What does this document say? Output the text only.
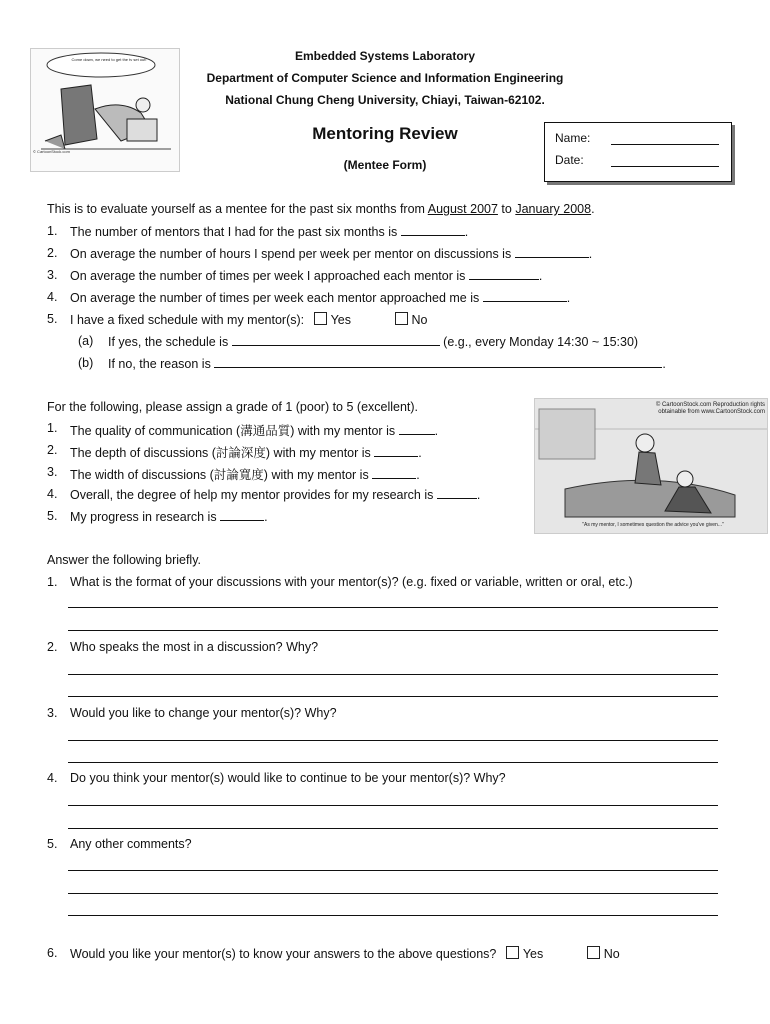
Come down, we need to get the tv set out!
© CartoonStock.com
Embedded Systems Laboratory
Department of Computer Science and Information Engineering
National Chung Cheng University, Chiayi, Taiwan-62102.
Mentoring Review
(Mentee Form)
Name:
Date:
This is to evaluate yourself as a mentee for the past six months from August 2007 to January 2008.
1. The number of mentors that I had for the past six months is	.
2. On average the number of hours I spend per week per mentor on discussions is	.
3. On average the number of times per week I approached each mentor is	.
4. On average the number of times per week each mentor approached me is	.
5. I have a fixed schedule with my mentor(s): Yes	No
(a) If yes, the schedule is	(e.g., every Monday 14:30 ~ 15:30)
(b) If no, the reason is	.
For the following, please assign a grade of 1 (poor) to 5 (excellent).
1. The quality of communication (溝通品質) with my mentor is	.
2. The depth of discussions (討論深度) with my mentor is	.
3. The width of discussions (討論寬度) with my mentor is	.
4. Overall, the degree of help my mentor provides for my research is	.
5. My progress in research is	.
© CartoonStock.com Reproduction rights obtainable from www.CartoonStock.com
"As my mentor, I sometimes question the advice you've given..."
Answer the following briefly.
1. What is the format of your discussions with your mentor(s)? (e.g. fixed or variable, written or oral, etc.)
2. Who speaks the most in a discussion? Why?
3. Would you like to change your mentor(s)? Why?
4. Do you think your mentor(s) would like to continue to be your mentor(s)? Why?
5. Any other comments?
6. Would you like your mentor(s) to know your answers to the above questions? Yes	No
